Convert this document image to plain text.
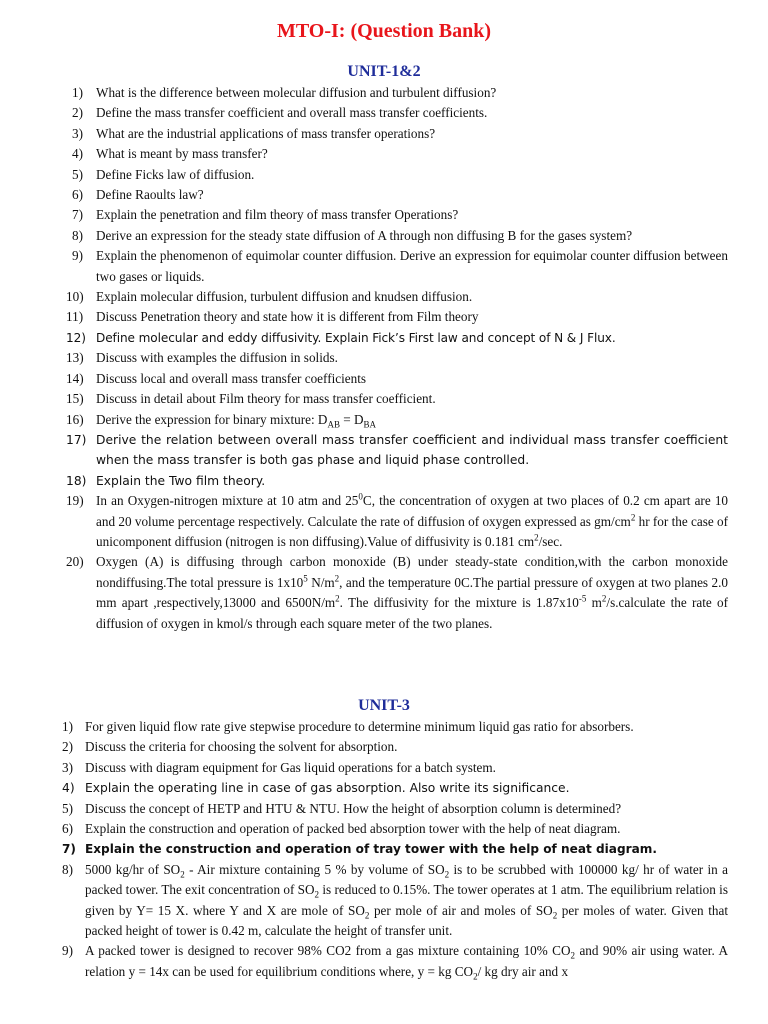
MTO-I: (Question Bank)
UNIT-1&2
1) What is the difference between molecular diffusion and turbulent diffusion?
2) Define the mass transfer coefficient and overall mass transfer coefficients.
3) What are the industrial applications of mass transfer operations?
4) What is meant by mass transfer?
5) Define Ficks law of diffusion.
6) Define Raoults law?
7) Explain the penetration and film theory of mass transfer Operations?
8) Derive an expression for the steady state diffusion of A through non diffusing B for the gases system?
9) Explain the phenomenon of equimolar counter diffusion. Derive an expression for equimolar counter diffusion between two gases or liquids.
10) Explain molecular diffusion, turbulent diffusion and knudsen diffusion.
11) Discuss Penetration theory and state how it is different from Film theory
12) Define molecular and eddy diffusivity. Explain Fick’s First law and concept of N & J Flux.
13) Discuss with examples the diffusion in solids.
14) Discuss local and overall mass transfer coefficients
15) Discuss in detail about Film theory for mass transfer coefficient.
16) Derive the expression for binary mixture: $D_{AB} = D_{BA}$
17) Derive the relation between overall mass transfer coefficient and individual mass transfer coefficient when the mass transfer is both gas phase and liquid phase controlled.
18) Explain the Two film theory.
19) In an Oxygen-nitrogen mixture at 10 atm and $25^0C$, the concentration of oxygen at two places of 0.2 cm apart are 10 and 20 volume percentage respectively. Calculate the rate of diffusion of oxygen expressed as $gm/cm^2$ hr for the case of unicomponent diffusion (nitrogen is non diffusing).Value of diffusivity is 0.181 $cm^2/\sec$.
20) Oxygen (A) is diffusing through carbon monoxide (B) under steady-state condition,with the carbon monoxide nondiffusing.The total pressure is $1x10^5$ $N/m^2$, and the temperature 0C.The partial pressure of oxygen at two planes 2.0 mm apart ,respectively,13000 and $6500N/m^2$. The diffusivity for the mixture is $1.87x10^{-5}$ $m^2/s.calculate$ the rate of diffusion of oxygen in kmol/s through each square meter of the two planes.
UNIT-3
1) For given liquid flow rate give stepwise procedure to determine minimum liquid gas ratio for absorbers.
2) Discuss the criteria for choosing the solvent for absorption.
3) Discuss with diagram equipment for Gas liquid operations for a batch system.
4) Explain the operating line in case of gas absorption. Also write its significance.
5) Discuss the concept of HETP and HTU & NTU. How the height of absorption column is determined?
6) Explain the construction and operation of packed bed absorption tower with the help of neat diagram.
7) Explain the construction and operation of tray tower with the help of neat diagram.
8) 5000 kg/hr of $SO_2$ - Air mixture containing 5 % by volume of $SO_2$ is to be scrubbed with 100000 kg/ hr of water in a packed tower. The exit concentration of $SO_2$ is reduced to 0.15%. The tower operates at 1 atm. The equilibrium relation is given by Y= 15 X. where Y and X are mole of $SO_2$ per mole of air and moles of $SO_2$ per moles of water. Given that packed height of tower is 0.42 m, calculate the height of transfer unit.
9) A packed tower is designed to recover 98% CO2 from a gas mixture containing 10% $CO_2$ and 90% air using water. A relation y = 14x can be used for equilibrium conditions where, y = kg $CO_2/$ kg dry air and x
